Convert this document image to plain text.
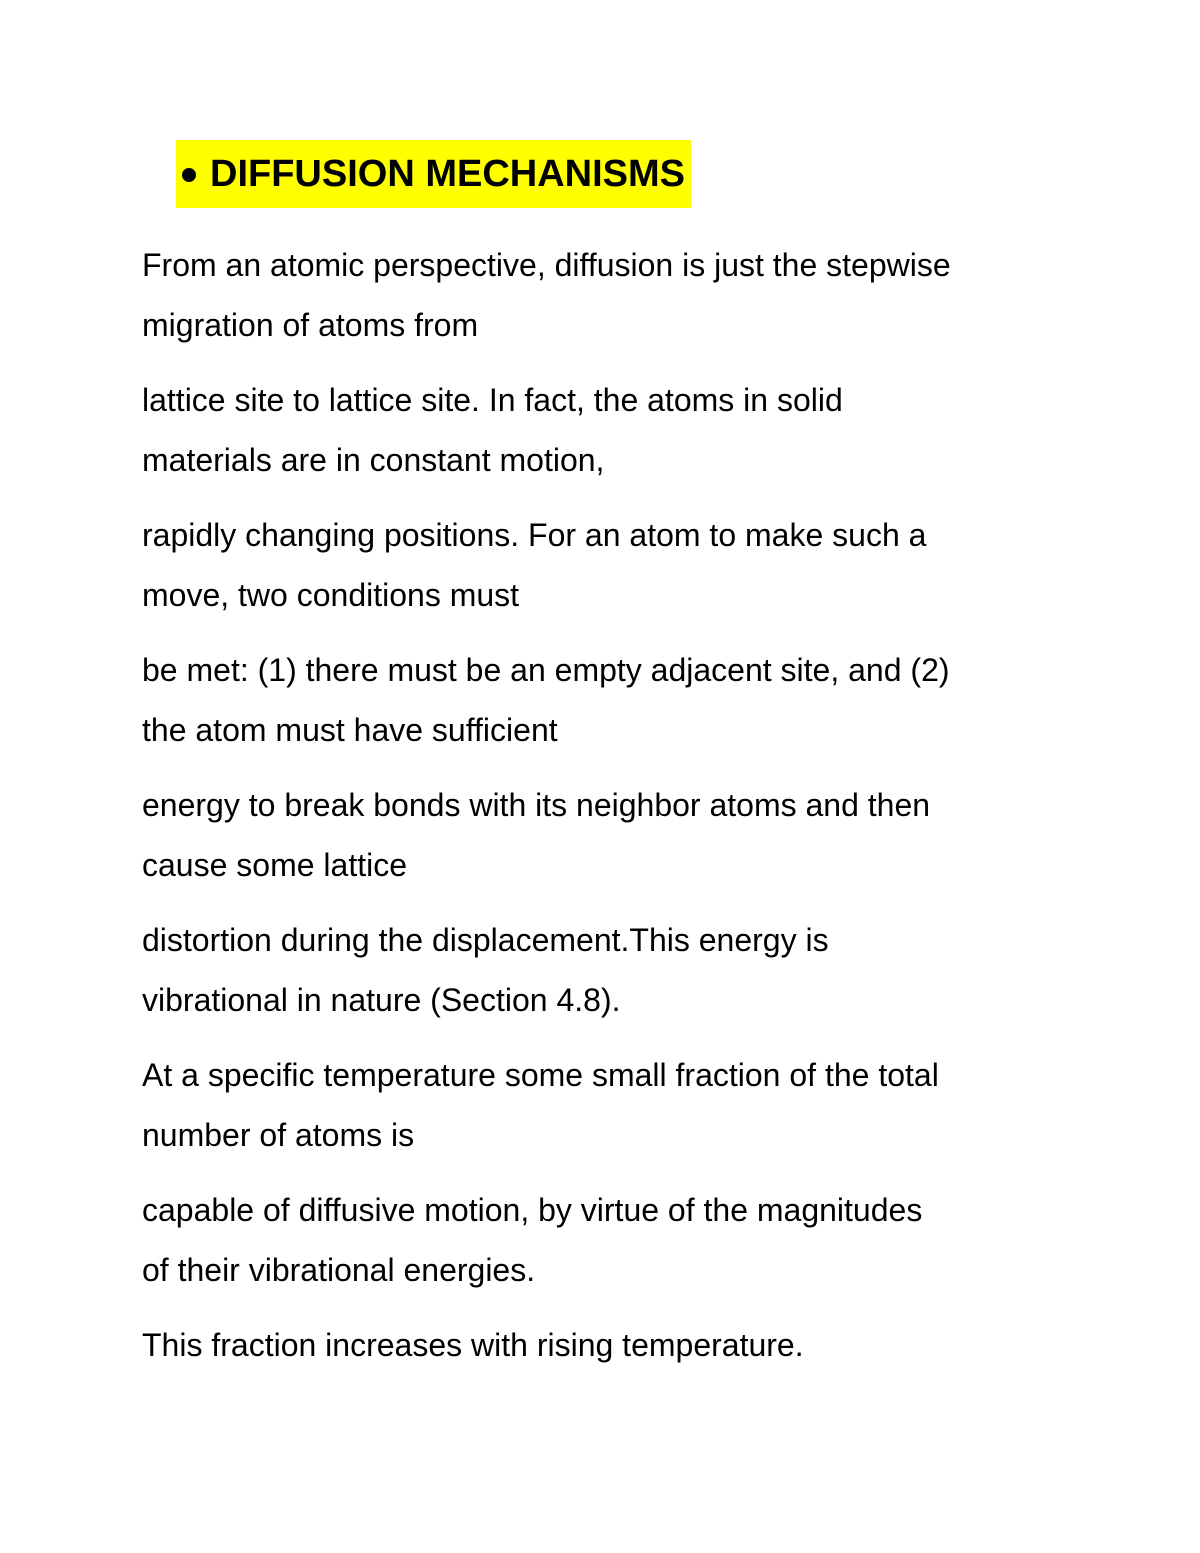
DIFFUSION MECHANISMS

From an atomic perspective, diffusion is just the stepwise
migration of atoms from

lattice site to lattice site. In fact, the atoms in solid
materials are in constant motion,

rapidly changing positions. For an atom to make such a
move, two conditions must

be met: (1) there must be an empty adjacent site, and (2)
the atom must have sufficient

energy to break bonds with its neighbor atoms and then
cause some lattice

distortion during the displacement.This energy is
vibrational in nature (Section 4.8).

At a specific temperature some small fraction of the total
number of atoms is

capable of diffusive motion, by virtue of the magnitudes
of their vibrational energies.

This fraction increases with rising temperature.
